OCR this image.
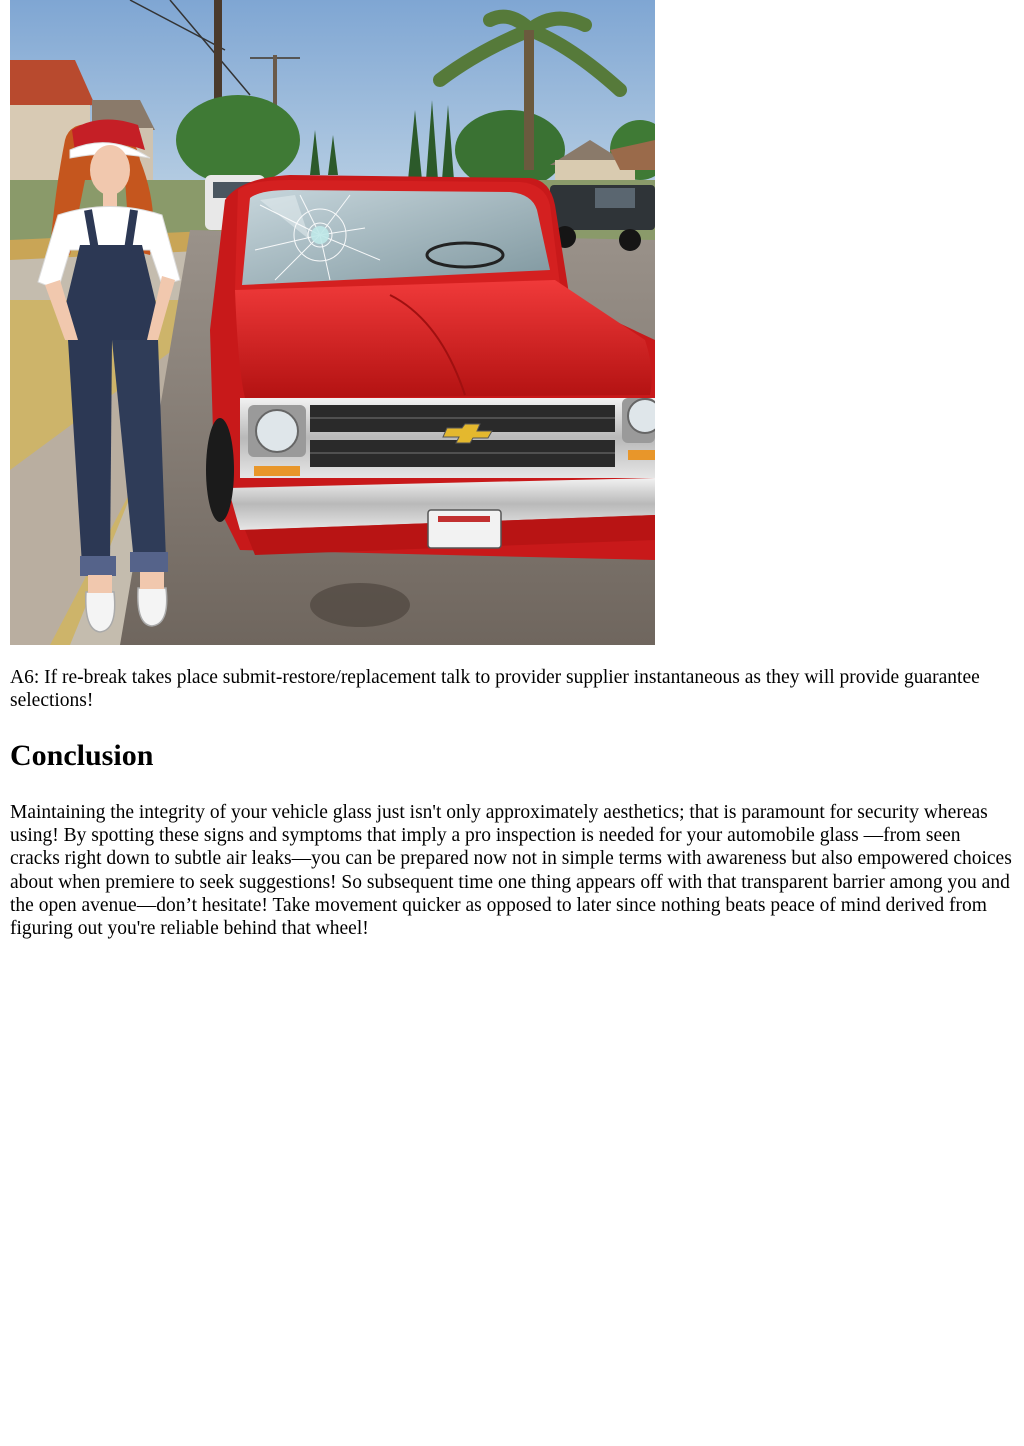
A6: If re-break takes place submit-restore/replacement talk to provider supplier instantaneous as they will provide guarantee selections!

Conclusion

Maintaining the integrity of your vehicle glass just isn't only approximately aesthetics; that is paramount for security whereas using! By spotting these signs and symptoms that imply a pro inspection is needed for your automobile glass —from seen cracks right down to subtle air leaks—you can be prepared now not in simple terms with awareness but also empowered choices about when premiere to seek suggestions! So subsequent time one thing appears off with that transparent barrier among you and the open avenue—don’t hesitate! Take movement quicker as opposed to later since nothing beats peace of mind derived from figuring out you're reliable behind that wheel!
